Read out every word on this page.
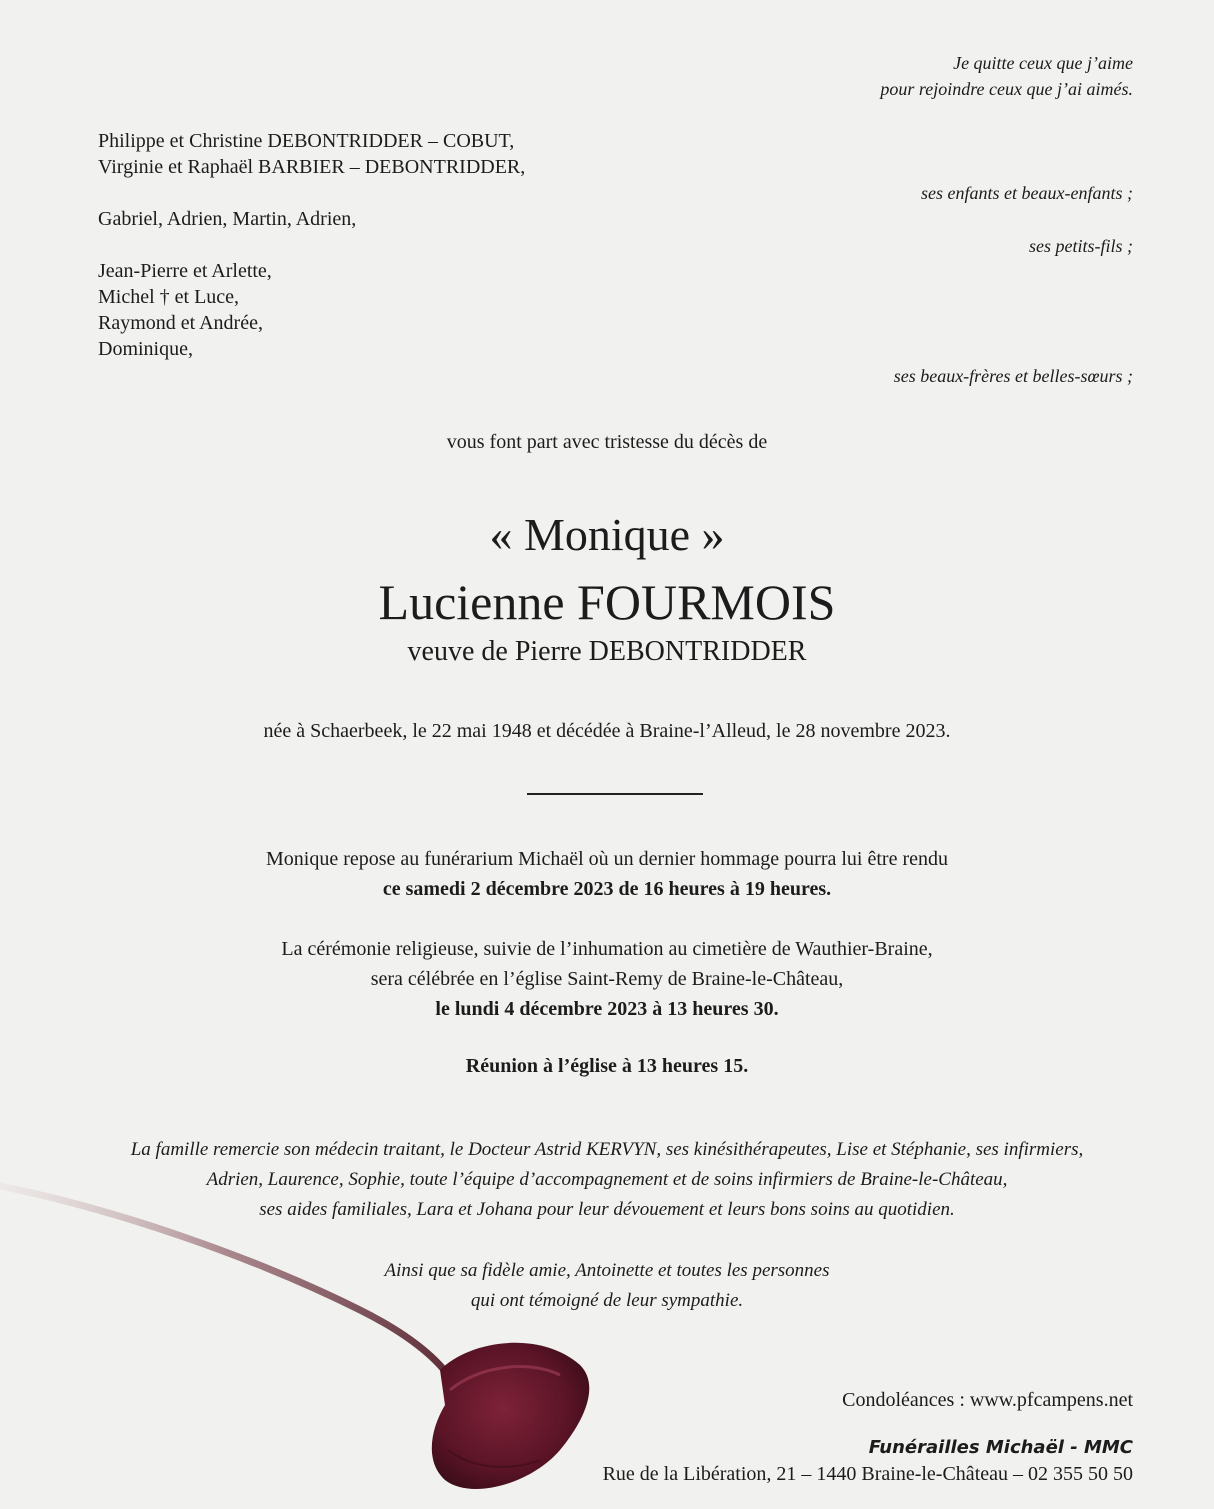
Je quitte ceux que j’aime
pour rejoindre ceux que j’ai aimés.
Philippe et Christine DEBONTRIDDER – COBUT,
Virginie et Raphaël BARBIER – DEBONTRIDDER,
ses enfants et beaux-enfants ;
Gabriel, Adrien, Martin, Adrien,
ses petits-fils ;
Jean-Pierre et Arlette,
Michel † et Luce,
Raymond et Andrée,
Dominique,
ses beaux-frères et belles-sœurs ;
vous font part avec tristesse du décès de
« Monique »
Lucienne FOURMOIS
veuve de Pierre DEBONTRIDDER
née à Schaerbeek, le 22 mai 1948 et décédée à Braine-l’Alleud, le 28 novembre 2023.
Monique repose au funérarium Michaël où un dernier hommage pourra lui être rendu
ce samedi 2 décembre 2023 de 16 heures à 19 heures.
La cérémonie religieuse, suivie de l’inhumation au cimetière de Wauthier-Braine,
sera célébrée en l’église Saint-Remy de Braine-le-Château,
le lundi 4 décembre 2023 à 13 heures 30.
Réunion à l’église à 13 heures 15.
La famille remercie son médecin traitant, le Docteur Astrid KERVYN, ses kinésithérapeutes, Lise et Stéphanie, ses infirmiers,
Adrien, Laurence, Sophie, toute l’équipe d’accompagnement et de soins infirmiers de Braine-le-Château,
ses aides familiales, Lara et Johana pour leur dévouement et leurs bons soins au quotidien.
Ainsi que sa fidèle amie, Antoinette et toutes les personnes
qui ont témoigné de leur sympathie.
Condoléances : www.pfcampens.net
Funérailles Michaël - MMC
Rue de la Libération, 21 – 1440 Braine-le-Château – 02 355 50 50
